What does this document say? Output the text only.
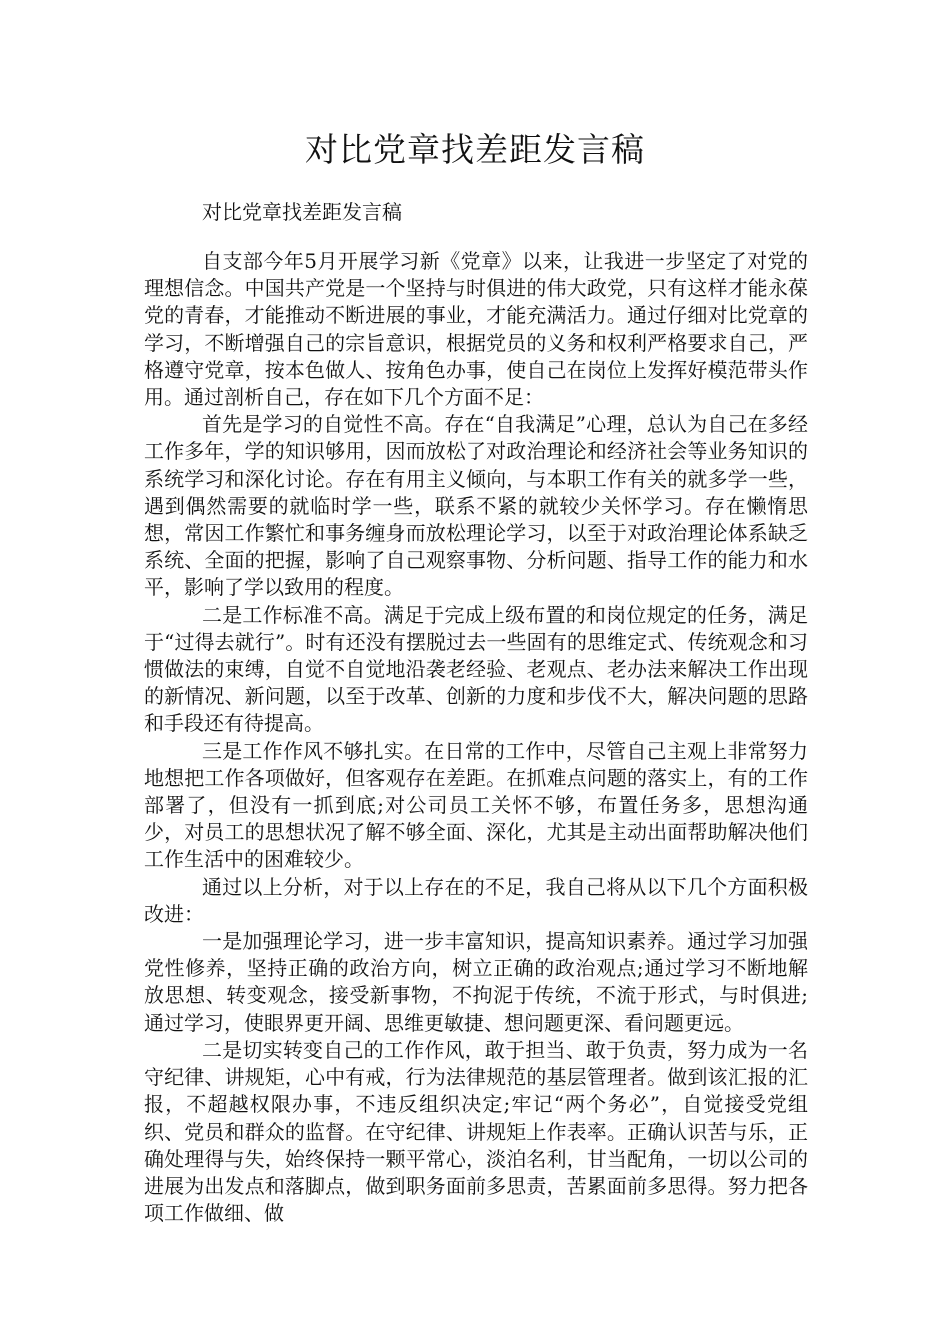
对比党章找差距发言稿

对比党章找差距发言稿

自支部今年5月开展学习新《党章》以来，让我进一步坚定了对党的理想信念。中国共产党是一个坚持与时俱进的伟大政党，只有这样才能永葆党的青春，才能推动不断进展的事业，才能充满活力。通过仔细对比党章的学习，不断增强自己的宗旨意识，根据党员的义务和权利严格要求自己，严格遵守党章，按本色做人、按角色办事，使自己在岗位上发挥好模范带头作用。通过剖析自己，存在如下几个方面不足：

首先是学习的自觉性不高。存在“自我满足”心理，总认为自己在多经工作多年，学的知识够用，因而放松了对政治理论和经济社会等业务知识的系统学习和深化讨论。存在有用主义倾向，与本职工作有关的就多学一些，遇到偶然需要的就临时学一些，联系不紧的就较少关怀学习。存在懒惰思想，常因工作繁忙和事务缠身而放松理论学习，以至于对政治理论体系缺乏系统、全面的把握，影响了自己观察事物、分析问题、指导工作的能力和水平，影响了学以致用的程度。

二是工作标准不高。满足于完成上级布置的和岗位规定的任务，满足于“过得去就行”。时有还没有摆脱过去一些固有的思维定式、传统观念和习惯做法的束缚，自觉不自觉地沿袭老经验、老观点、老办法来解决工作出现的新情况、新问题，以至于改革、创新的力度和步伐不大，解决问题的思路和手段还有待提高。

三是工作作风不够扎实。在日常的工作中，尽管自己主观上非常努力地想把工作各项做好，但客观存在差距。在抓难点问题的落实上，有的工作部署了，但没有一抓到底;对公司员工关怀不够，布置任务多，思想沟通少，对员工的思想状况了解不够全面、深化，尤其是主动出面帮助解决他们工作生活中的困难较少。

通过以上分析，对于以上存在的不足，我自己将从以下几个方面积极改进：

一是加强理论学习，进一步丰富知识，提高知识素养。通过学习加强党性修养，坚持正确的政治方向，树立正确的政治观点;通过学习不断地解放思想、转变观念，接受新事物，不拘泥于传统，不流于形式，与时俱进;通过学习，使眼界更开阔、思维更敏捷、想问题更深、看问题更远。

二是切实转变自己的工作作风，敢于担当、敢于负责，努力成为一名守纪律、讲规矩，心中有戒，行为法律规范的基层管理者。做到该汇报的汇报，不超越权限办事，不违反组织决定;牢记“两个务必”，自觉接受党组织、党员和群众的监督。在守纪律、讲规矩上作表率。正确认识苦与乐，正确处理得与失，始终保持一颗平常心，淡泊名利，甘当配角，一切以公司的进展为出发点和落脚点，做到职务面前多思责，苦累面前多思得。努力把各项工作做细、做
